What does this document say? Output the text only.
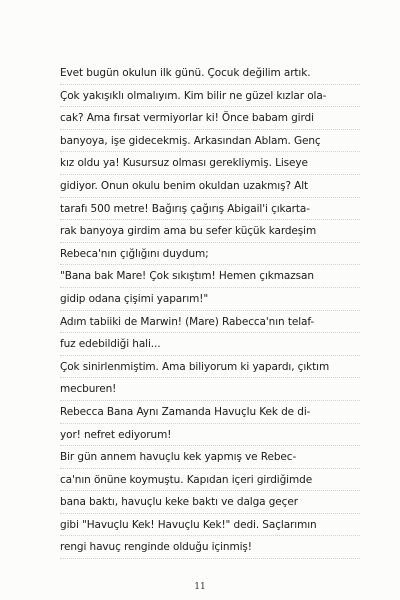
Evet bugün okulun ilk günü. Çocuk değilim artık.
Çok yakışıklı olmalıyım. Kim bilir ne güzel kızlar ola-
cak? Ama fırsat vermiyorlar ki! Önce babam girdi
banyoya, işe gidecekmiş. Arkasından Ablam. Genç
kız oldu ya! Kusursuz olması gerekliymiş. Liseye
gidiyor. Onun okulu benim okuldan uzakmış? Alt
tarafı 500 metre! Bağırış çağırış Abigail'i çıkarta-
rak banyoya girdim ama bu sefer küçük kardeşim
Rebeca'nın çığlığını duydum;
"Bana bak Mare! Çok sıkıştım! Hemen çıkmazsan
gidip odana çişimi yaparım!"
Adım tabiiki de Marwin! (Mare) Rabecca'nın telaf-
fuz edebildiği hali...
Çok sinirlenmiştim. Ama biliyorum ki yapardı, çıktım
mecburen!
Rebecca Bana Aynı Zamanda Havuçlu Kek de di-
yor! nefret ediyorum!
Bir gün annem havuçlu kek yapmış ve Rebec-
ca'nın önüne koymuştu. Kapıdan içeri girdiğimde
bana baktı, havuçlu keke baktı ve dalga geçer
gibi "Havuçlu Kek! Havuçlu Kek!" dedi. Saçlarımın
rengi havuç renginde olduğu içinmiş!
11
